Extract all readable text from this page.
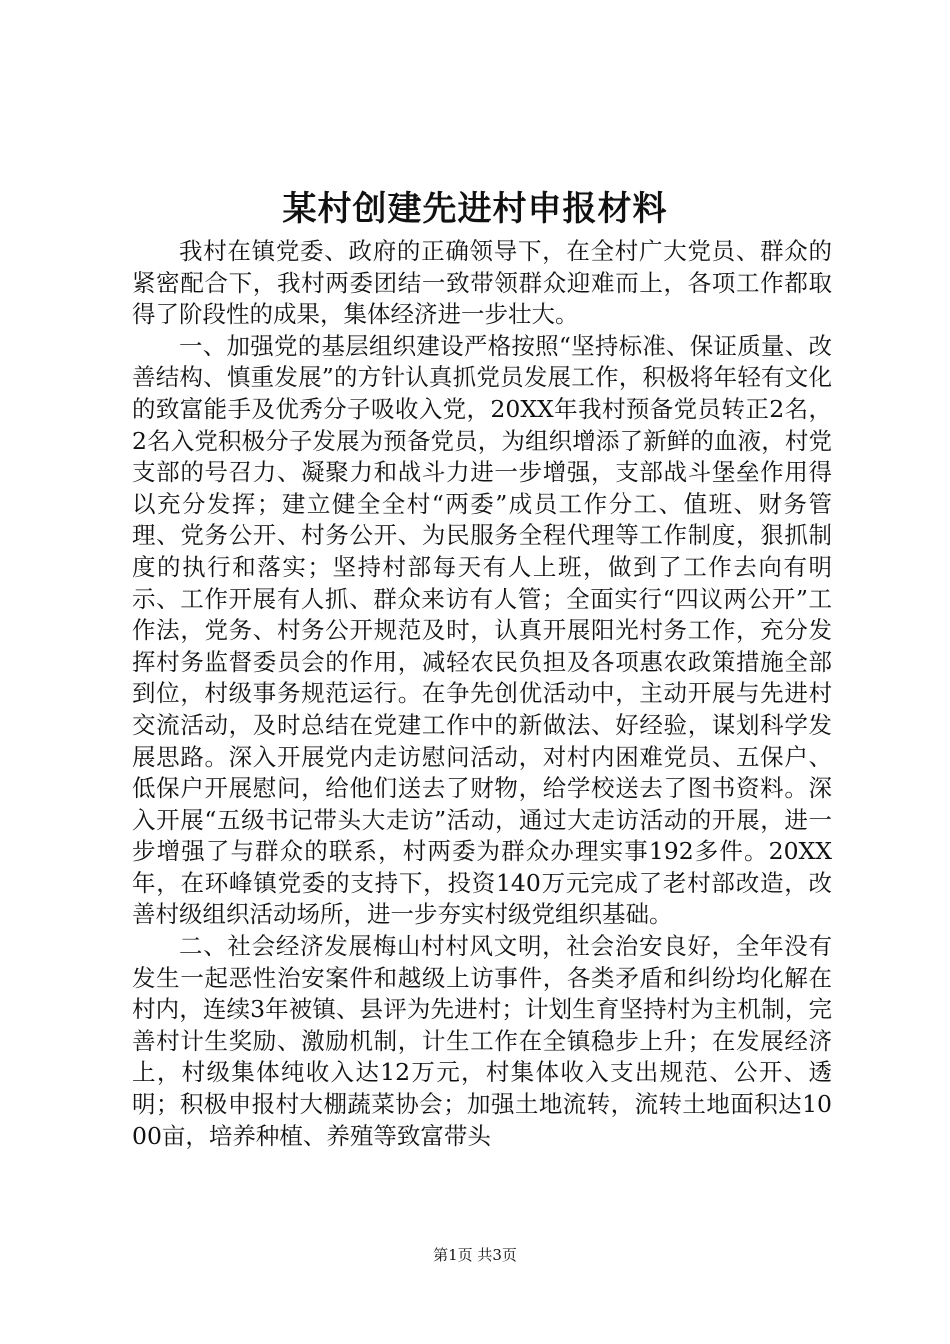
某村创建先进村申报材料

我村在镇党委、政府的正确领导下，在全村广大党员、群众的紧密配合下，我村两委团结一致带领群众迎难而上，各项工作都取得了阶段性的成果，集体经济进一步壮大。

一、加强党的基层组织建设严格按照“坚持标准、保证质量、改善结构、慎重发展”的方针认真抓党员发展工作，积极将年轻有文化的致富能手及优秀分子吸收入党，20XX年我村预备党员转正2名，2名入党积极分子发展为预备党员，为组织增添了新鲜的血液，村党支部的号召力、凝聚力和战斗力进一步增强，支部战斗堡垒作用得以充分发挥；建立健全全村“两委”成员工作分工、值班、财务管理、党务公开、村务公开、为民服务全程代理等工作制度，狠抓制度的执行和落实；坚持村部每天有人上班，做到了工作去向有明示、工作开展有人抓、群众来访有人管；全面实行“四议两公开”工作法，党务、村务公开规范及时，认真开展阳光村务工作，充分发挥村务监督委员会的作用，减轻农民负担及各项惠农政策措施全部到位，村级事务规范运行。在争先创优活动中，主动开展与先进村交流活动，及时总结在党建工作中的新做法、好经验，谋划科学发展思路。深入开展党内走访慰问活动，对村内困难党员、五保户、低保户开展慰问，给他们送去了财物，给学校送去了图书资料。深入开展“五级书记带头大走访”活动，通过大走访活动的开展，进一步增强了与群众的联系，村两委为群众办理实事192多件。20XX年，在环峰镇党委的支持下，投资140万元完成了老村部改造，改善村级组织活动场所，进一步夯实村级党组织基础。

二、社会经济发展梅山村村风文明，社会治安良好，全年没有发生一起恶性治安案件和越级上访事件，各类矛盾和纠纷均化解在村内，连续3年被镇、县评为先进村；计划生育坚持村为主机制，完善村计生奖励、激励机制，计生工作在全镇稳步上升；在发展经济上，村级集体纯收入达12万元，村集体收入支出规范、公开、透明；积极申报村大棚蔬菜协会；加强土地流转，流转土地面积达1000亩，培养种植、养殖等致富带头

第1页 共3页
